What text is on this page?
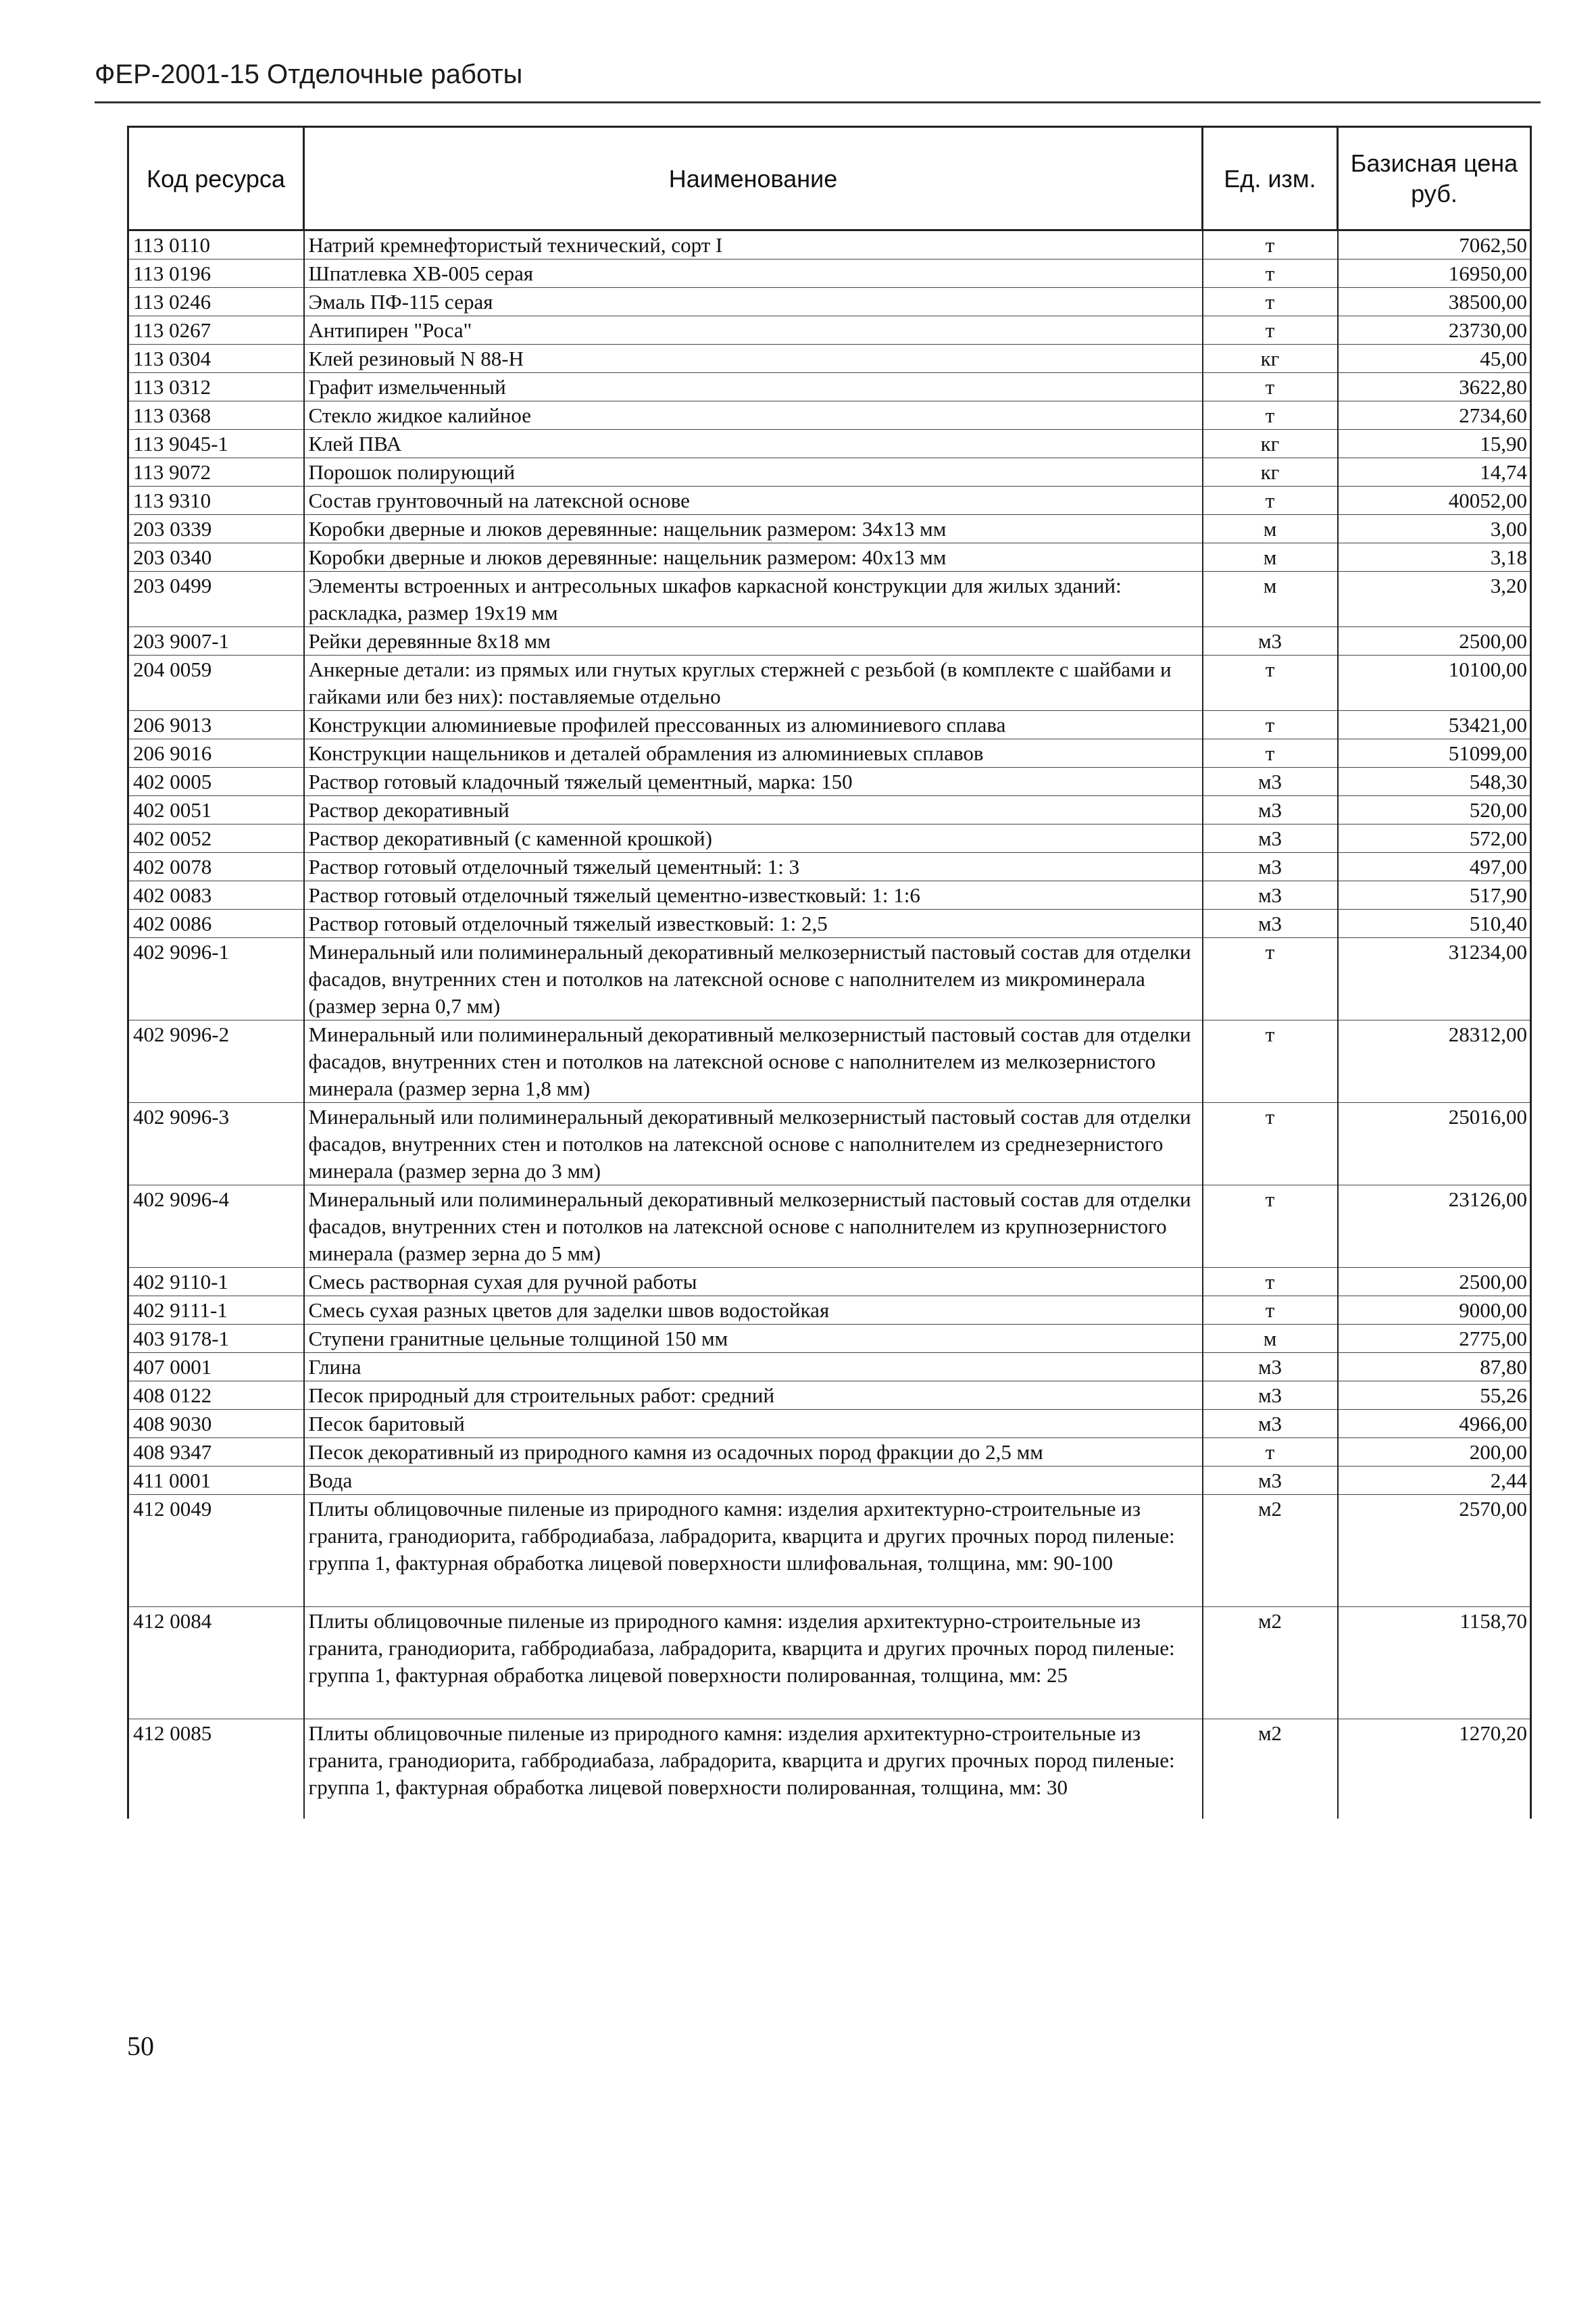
ФЕР-2001-15 Отделочные работы
Код ресурса	Наименование	Ед. изм.	Базисная цена руб.
113 0110	Натрий кремнефтористый технический, сорт I	т	7062,50
113 0196	Шпатлевка ХВ-005 серая	т	16950,00
113 0246	Эмаль ПФ-115 серая	т	38500,00
113 0267	Антипирен "Роса"	т	23730,00
113 0304	Клей резиновый N 88-Н	кг	45,00
113 0312	Графит измельченный	т	3622,80
113 0368	Стекло жидкое калийное	т	2734,60
113 9045-1	Клей ПВА	кг	15,90
113 9072	Порошок полирующий	кг	14,74
113 9310	Состав грунтовочный на латексной основе	т	40052,00
203 0339	Коробки дверные и люков деревянные: нащельник размером: 34х13 мм	м	3,00
203 0340	Коробки дверные и люков деревянные: нащельник размером: 40х13 мм	м	3,18
203 0499	Элементы встроенных и антресольных шкафов каркасной конструкции для жилых зданий: раскладка, размер 19х19 мм	м	3,20
203 9007-1	Рейки деревянные 8х18 мм	м3	2500,00
204 0059	Анкерные детали: из прямых или гнутых круглых стержней с резьбой (в комплекте с шайбами и гайками или без них): поставляемые отдельно	т	10100,00
206 9013	Конструкции алюминиевые профилей прессованных из алюминиевого сплава	т	53421,00
206 9016	Конструкции нащельников и деталей обрамления из алюминиевых сплавов	т	51099,00
402 0005	Раствор готовый кладочный тяжелый цементный, марка: 150	м3	548,30
402 0051	Раствор декоративный	м3	520,00
402 0052	Раствор декоративный (с каменной крошкой)	м3	572,00
402 0078	Раствор готовый отделочный тяжелый цементный: 1: 3	м3	497,00
402 0083	Раствор готовый отделочный тяжелый цементно-известковый: 1: 1:6	м3	517,90
402 0086	Раствор готовый отделочный тяжелый известковый: 1: 2,5	м3	510,40
402 9096-1	Минеральный или полиминеральный декоративный мелкозернистый пастовый состав для отделки фасадов, внутренних стен и потолков на латексной основе с наполнителем из микроминерала (размер зерна 0,7 мм)	т	31234,00
402 9096-2	Минеральный или полиминеральный декоративный мелкозернистый пастовый состав для отделки фасадов, внутренних стен и потолков на латексной основе с наполнителем из мелкозернистого минерала (размер зерна 1,8 мм)	т	28312,00
402 9096-3	Минеральный или полиминеральный декоративный мелкозернистый пастовый состав для отделки фасадов, внутренних стен и потолков на латексной основе с наполнителем из среднезернистого минерала (размер зерна до 3 мм)	т	25016,00
402 9096-4	Минеральный или полиминеральный декоративный мелкозернистый пастовый состав для отделки фасадов, внутренних стен и потолков на латексной основе с наполнителем из крупнозернистого минерала (размер зерна до 5 мм)	т	23126,00
402 9110-1	Смесь растворная сухая для ручной работы	т	2500,00
402 9111-1	Смесь сухая разных цветов для заделки швов водостойкая	т	9000,00
403 9178-1	Ступени гранитные цельные толщиной 150 мм	м	2775,00
407 0001	Глина	м3	87,80
408 0122	Песок природный для строительных работ: средний	м3	55,26
408 9030	Песок баритовый	м3	4966,00
408 9347	Песок декоративный из природного камня из осадочных пород фракции до 2,5 мм	т	200,00
411 0001	Вода	м3	2,44
412 0049	Плиты облицовочные пиленые из природного камня: изделия архитектурно-строительные из гранита, гранодиорита, габбродиабаза, лабрадорита, кварцита и других прочных пород пиленые: группа 1, фактурная обработка лицевой поверхности шлифовальная, толщина, мм: 90-100	м2	2570,00
412 0084	Плиты облицовочные пиленые из природного камня: изделия архитектурно-строительные из гранита, гранодиорита, габбродиабаза, лабрадорита, кварцита и других прочных пород пиленые: группа 1, фактурная обработка лицевой поверхности полированная, толщина, мм: 25	м2	1158,70
412 0085	Плиты облицовочные пиленые из природного камня: изделия архитектурно-строительные из гранита, гранодиорита, габбродиабаза, лабрадорита, кварцита и других прочных пород пиленые: группа 1, фактурная обработка лицевой поверхности полированная, толщина, мм: 30	м2	1270,20
50
